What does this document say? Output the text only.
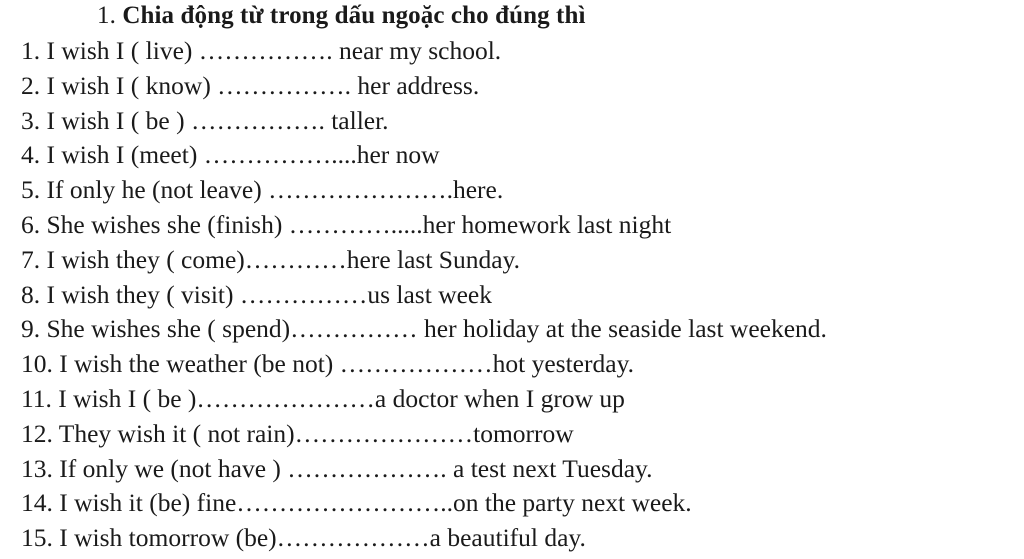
1. Chia động từ trong dấu ngoặc cho đúng thì
1. I wish I ( live) ……………. near my school.
2. I wish I ( know) ……………. her address.
3. I wish I ( be ) ……………. taller.
4. I wish I (meet) ……………....her now
5. If only he (not leave) ………………….here.
6. She wishes she (finish) ………….....her homework last night
7. I wish they ( come)…………here last Sunday.
8. I wish they ( visit) ……………us last week
9. She wishes she ( spend)…………… her holiday at the seaside last weekend.
10. I wish the weather (be not) ………………hot yesterday.
11. I wish I ( be )…………………a doctor when I grow up
12. They wish it ( not rain)…………………tomorrow
13. If only we (not have ) ………………. a test next Tuesday.
14. I wish it (be) fine……………………..on the party next week.
15. I wish tomorrow (be)………………a beautiful day.
